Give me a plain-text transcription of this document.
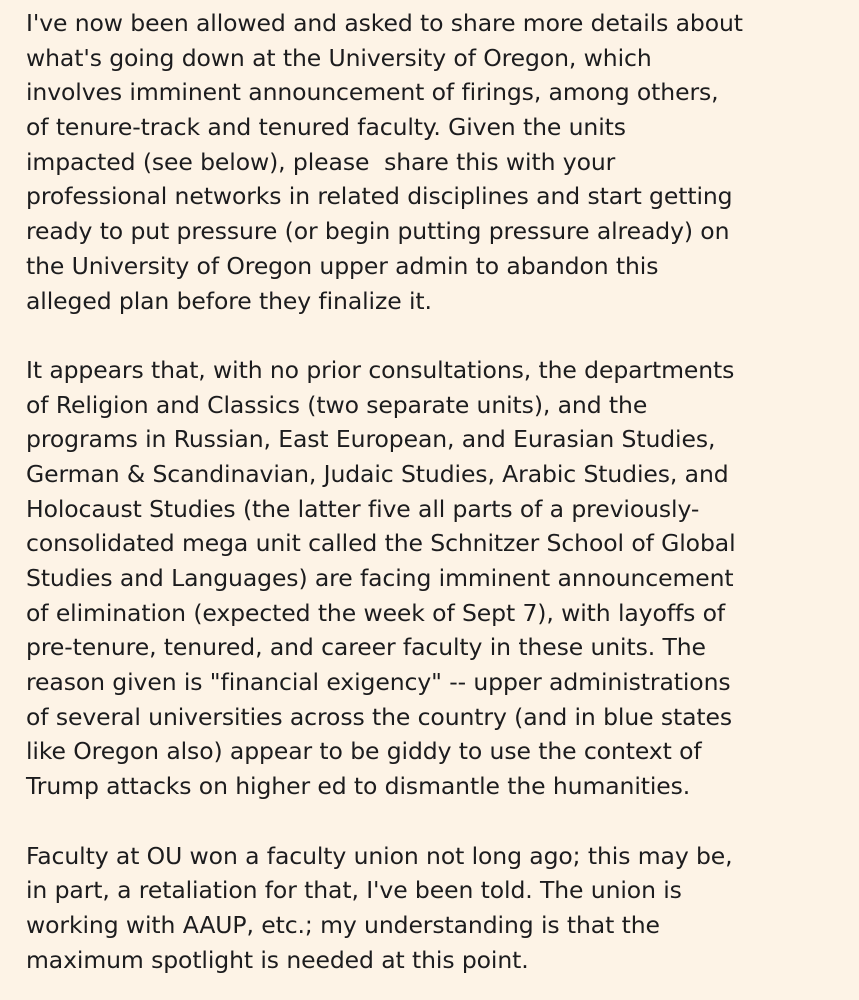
I've now been allowed and asked to share more details about
what's going down at the University of Oregon, which
involves imminent announcement of firings, among others,
of tenure-track and tenured faculty. Given the units
impacted (see below), please  share this with your
professional networks in related disciplines and start getting
ready to put pressure (or begin putting pressure already) on
the University of Oregon upper admin to abandon this
alleged plan before they finalize it.
It appears that, with no prior consultations, the departments
of Religion and Classics (two separate units), and the
programs in Russian, East European, and Eurasian Studies,
German & Scandinavian, Judaic Studies, Arabic Studies, and
Holocaust Studies (the latter five all parts of a previously-
consolidated mega unit called the Schnitzer School of Global
Studies and Languages) are facing imminent announcement
of elimination (expected the week of Sept 7), with layoffs of
pre-tenure, tenured, and career faculty in these units. The
reason given is "financial exigency" -- upper administrations
of several universities across the country (and in blue states
like Oregon also) appear to be giddy to use the context of
Trump attacks on higher ed to dismantle the humanities.
Faculty at OU won a faculty union not long ago; this may be,
in part, a retaliation for that, I've been told. The union is
working with AAUP, etc.; my understanding is that the
maximum spotlight is needed at this point.
